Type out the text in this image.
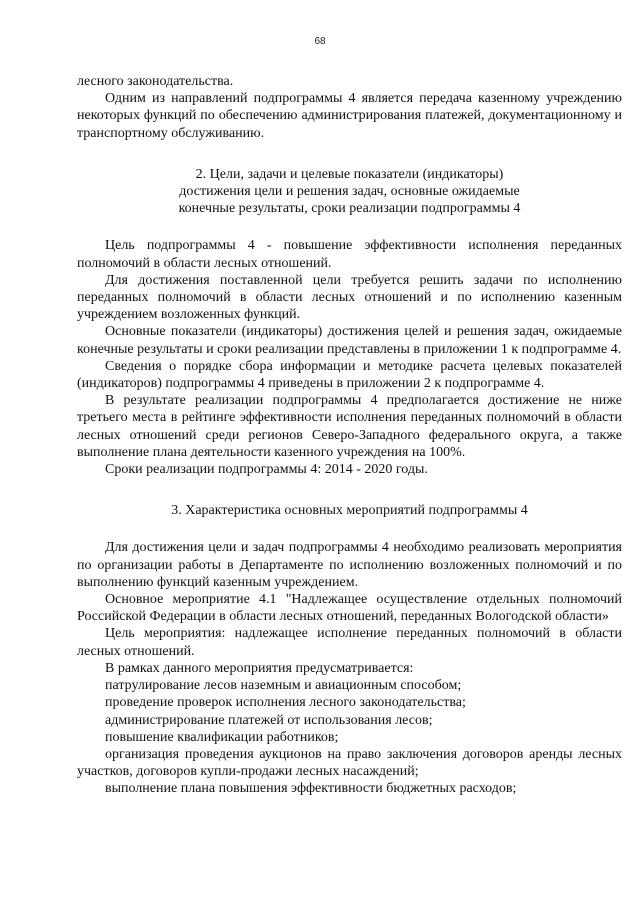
68

лесного законодательства.

Одним из направлений подпрограммы 4 является передача казенному учреждению некоторых функций по обеспечению администрирования платежей, документационному и транспортному обслуживанию.

2. Цели, задачи и целевые показатели (индикаторы)

достижения цели и решения задач, основные ожидаемые

конечные результаты, сроки реализации подпрограммы 4

Цель подпрограммы 4 - повышение эффективности исполнения переданных полномочий в области лесных отношений.

Для достижения поставленной цели требуется решить задачи по исполнению переданных полномочий в области лесных отношений и по исполнению казенным учреждением возложенных функций.

Основные показатели (индикаторы) достижения целей и решения задач, ожидаемые конечные результаты и сроки реализации представлены в приложении 1 к подпрограмме 4.

Сведения о порядке сбора информации и методике расчета целевых показателей (индикаторов) подпрограммы 4 приведены в приложении 2 к подпрограмме 4.

В результате реализации подпрограммы 4 предполагается достижение не ниже третьего места в рейтинге эффективности исполнения переданных полномочий в области лесных отношений среди регионов Северо-Западного федерального округа, а также выполнение плана деятельности казенного учреждения на 100%.

Сроки реализации подпрограммы 4: 2014 - 2020 годы.

3. Характеристика основных мероприятий подпрограммы 4

Для достижения цели и задач подпрограммы 4 необходимо реализовать мероприятия по организации работы в Департаменте по исполнению возложенных полномочий и по выполнению функций казенным учреждением.

Основное мероприятие 4.1 "Надлежащее осуществление отдельных полномочий Российской Федерации в области лесных отношений, переданных Вологодской области»

Цель мероприятия: надлежащее исполнение переданных полномочий в области лесных отношений.

В рамках данного мероприятия предусматривается:

патрулирование лесов наземным и авиационным способом;

проведение проверок исполнения лесного законодательства;

администрирование платежей от использования лесов;

повышение квалификации работников;

организация проведения аукционов на право заключения договоров аренды лесных участков, договоров купли-продажи лесных насаждений;

выполнение плана повышения эффективности бюджетных расходов;
